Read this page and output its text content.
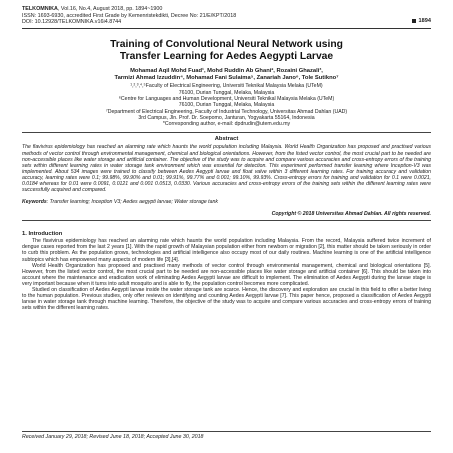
TELKOMNIKA, Vol.16, No.4, August 2018, pp. 1894~1900
ISSN: 1693-6930, accredited First Grade by Kemenristekdikti, Decree No: 21/E/KPT/2018
DOI: 10.12928/TELKOMNIKA.v16i4.8744	1894
Training of Convolutional Neural Network using
Transfer Learning for Aedes Aegypti Larvae
Mohamad Aqil Mohd Fuad¹, Mohd Ruddin Ab Ghani², Rozaini Ghazali³,
Tarmizi Ahmad Izzuddin⁴, Mohamad Fani Sulaima⁵, Zanariah Jano⁶, Tole Sutikno⁷
¹,²,³,⁴,⁵Faculty of Electrical Engineering, Universiti Teknikal Malaysia Melaka (UTeM)
76100, Durian Tunggal, Melaka, Malaysia
⁶Centre for Languages and Human Development, Universiti Teknikal Malaysia Melaka (UTeM)
76100, Durian Tunggal, Melaka, Malaysia
⁷Department of Electrical Engineering, Faculty of Industrial Technology, Universitas Ahmad Dahlan (UAD)
3rd Campus, Jln. Prof. Dr. Soepomo, Janturan, Yogyakarta 55164, Indonesia
*Corresponding author, e-mail: dpdrudin@utem.edu.my
Abstract
The flavivirus epidemiology has reached an alarming rate which haunts the world population including Malaysia. World Health Organization has proposed and practised various methods of vector control through environmental management, chemical and biological orientations. However, from the listed vector control, the most crucial part to be needed are non-accessible places like water storage and artificial container. The objective of the study was to acquire and compare various accuracies and cross-entropy errors of the training sets within different learning rates in water storage tank environment which was essential for detection. This experiment performed transfer learning where Inception-V3 was implemented. About 534 images were trained to classify between Aedes Aegypti larvae and float valve within 3 different learning rates. For training accuracy and validation accuracy, learning rates were 0.1; 99.98%, 99.90% and 0.01; 99.91%, 99.77% and 0.001; 99.10%, 99.93%. Cross-entropy errors for training and validation for 0.1 were 0.0021, 0.0184 whereas for 0.01 were 0.0091, 0.0121 and 0.001 0.0513, 0.0330. Various accuracies and cross-entropy errors of the training sets within the different learning rates were successfully acquired and compared.
Keywords: Transfer learning; Inception V3; Aedes aegypti larvae; Water storage tank
Copyright © 2018 Universitas Ahmad Dahlan. All rights reserved.
1. Introduction

The flavivirus epidemiology has reached an alarming rate which haunts the world population including Malaysia. From the record, Malaysia suffered twice increment of dengue cases reported from the last 2 years [1]. With the rapid growth of Malaysian population either from newborn or migration [2], this matter should be taken seriously in order to curb this problem. As the population grows, technologies and artificial intelligence also occupy most of our daily routines. Machine learning is one of the artificial intelligence subtopics which has empowered many aspects of modern life [3],[4].

World Health Organization has proposed and practised many methods of vector control through environmental management, chemical and biological orientations [5]. However, from the listed vector control, the most crucial part to be needed are non-accessible places like water storage and artificial container [6]. This should be taken into account where the maintenance and eradication work of eliminating Aedes Aegypti larvae are difficult to implement. The elimination of Aedes Aegypti during the larvae stage is very important because when it turns into adult mosquito and is able to fly, the population control becomes more complicated.

Studied on classification of Aedes Aegypti larvae inside the water storage tank are scarce. Hence, the discovery and exploration are crucial in this field to offer a better living to the human population. Previous studies, only offer reviews on identifying and counting Aedes Aegypti larvae [7]. This paper hence, proposed a classification of Aedes Aegypti larvae in water storage tank through machine learning. Therefore, the objective of the study was to acquire and compare various accuracies and cross-entropy errors of training sets within the different learning rates.

Received January 29, 2018; Revised June 18, 2018; Accepted June 30, 2018
